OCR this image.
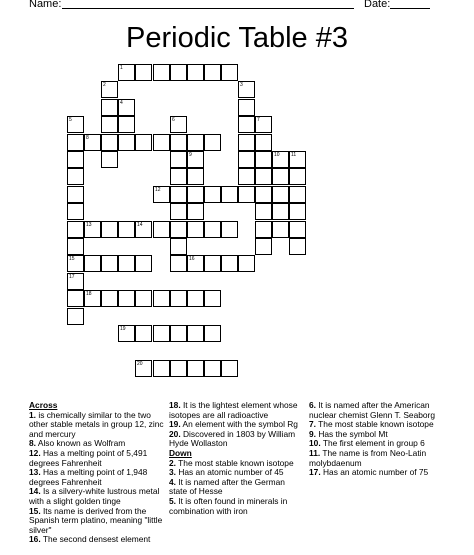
Name:	Date:
Periodic Table #3
1
2	3
4
5	6	7
8
9	10 11
12
13	14
15	16
17
18
19
20
Across
1. is chemically similar to the two other stable metals in group 12, zinc and mercury
8. Also known as Wolfram
12. Has a melting point of 5,491 degrees Fahrenheit
13. Has a melting point of 1,948 degrees Fahrenheit
14. Is a silvery-white lustrous metal with a slight golden tinge
15. Its name is derived from the Spanish term platino, meaning "little silver"
16. The second densest element
18. It is the lightest element whose isotopes are all radioactive
19. An element with the symbol Rg
20. Discovered in 1803 by William Hyde Wollaston
Down
2. The most stable known isotope
3. Has an atomic number of 45
4. It is named after the German state of Hesse
5. It is often found in minerals in combination with iron
6. It is named after the American nuclear chemist Glenn T. Seaborg
7. The most stable known isotope
9. Has the symbol Mt
10. The first element in group 6
11. The name is from Neo-Latin molybdaenum
17. Has an atomic number of 75
